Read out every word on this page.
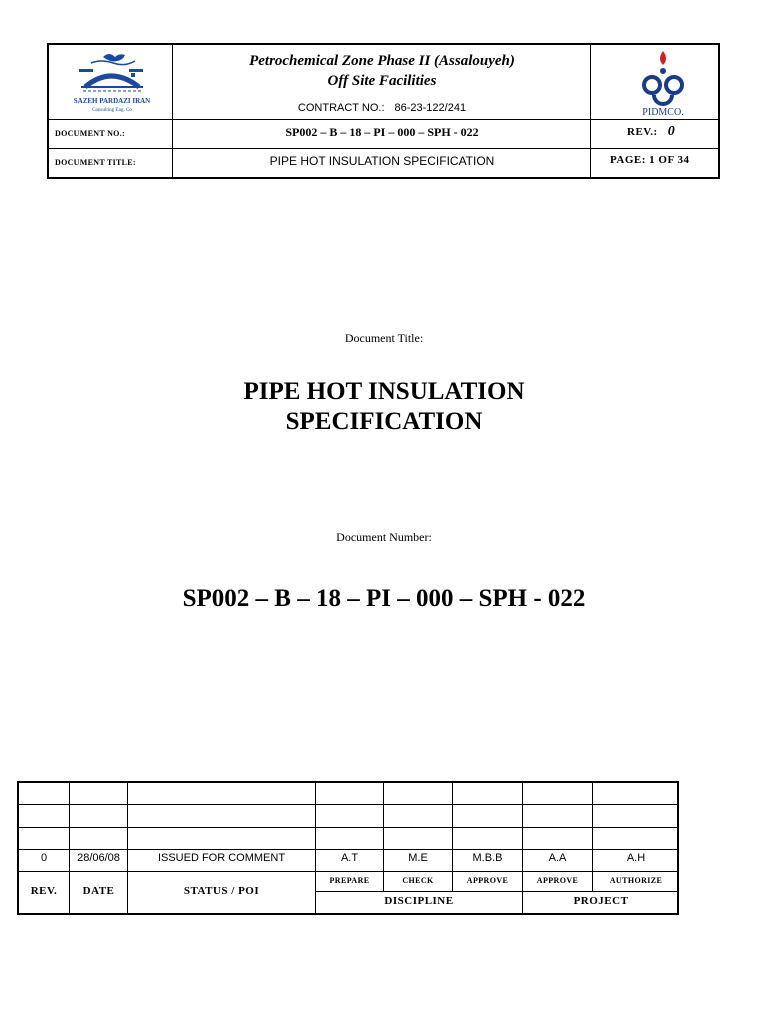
SAZEH PARDAZI IRAN
Consulting Eng. Co
Petrochemical Zone Phase II (Assalouyeh)
Off Site Facilities
CONTRACT NO.: 86-23-122/241	PIDMCO.
DOCUMENT NO.:	SP002 – B – 18 – PI – 000 – SPH - 022	REV.: 0
DOCUMENT TITLE:	PIPE HOT INSULATION SPECIFICATION	PAGE: 1 OF 34
Document Title:
PIPE HOT INSULATION
SPECIFICATION
Document Number:
SP002 – B – 18 – PI – 000 – SPH - 022
0	28/06/08	ISSUED FOR COMMENT	A.T	M.E	M.B.B	A.A	A.H
REV.	DATE	STATUS / POI
PREPARE	CHECK	APPROVE	APPROVE	AUTHORIZE
DISCIPLINE	PROJECT
